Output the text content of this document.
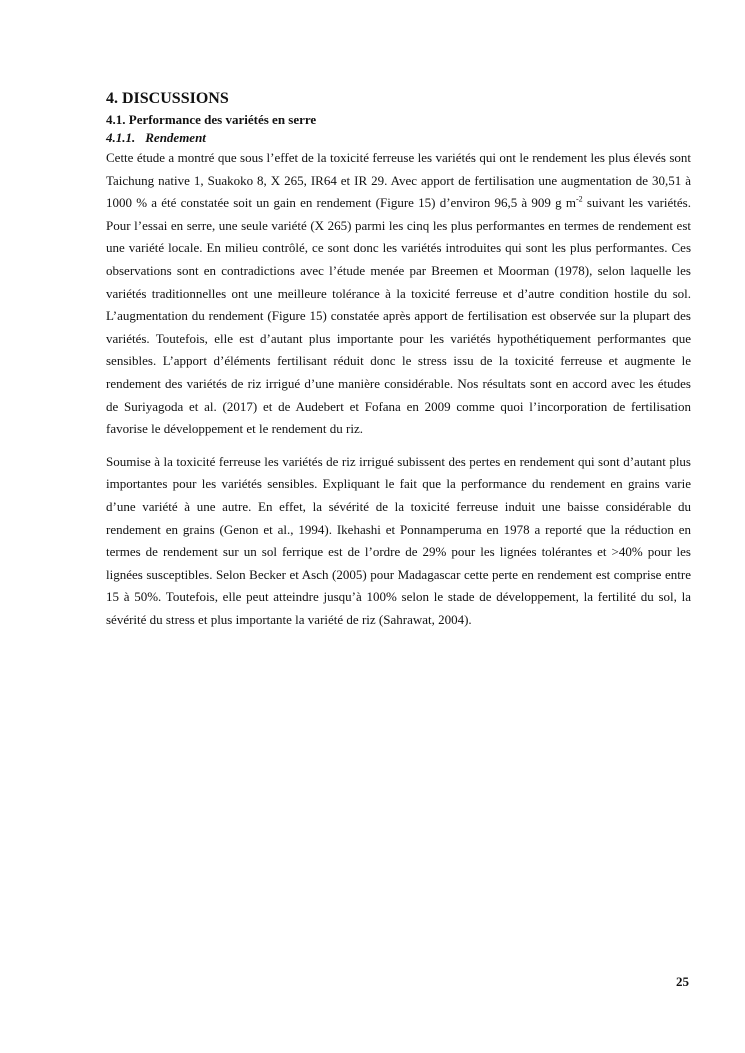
4. DISCUSSIONS
4.1. Performance des variétés en serre
4.1.1. Rendement

Cette étude a montré que sous l’effet de la toxicité ferreuse les variétés qui ont le rendement les plus élevés sont Taichung native 1, Suakoko 8, X 265, IR64 et IR 29. Avec apport de fertilisation une augmentation de 30,51 à 1000 % a été constatée soit un gain en rendement (Figure 15) d’environ 96,5 à 909 g $m^{-2}$ suivant les variétés. Pour l’essai en serre, une seule variété (X 265) parmi les cinq les plus performantes en termes de rendement est une variété locale. En milieu contrôlé, ce sont donc les variétés introduites qui sont les plus performantes. Ces observations sont en contradictions avec l’étude menée par Breemen et Moorman (1978), selon laquelle les variétés traditionnelles ont une meilleure tolérance à la toxicité ferreuse et d’autre condition hostile du sol. L’augmentation du rendement (Figure 15) constatée après apport de fertilisation est observée sur la plupart des variétés. Toutefois, elle est d’autant plus importante pour les variétés hypothétiquement performantes que sensibles. L’apport d’éléments fertilisant réduit donc le stress issu de la toxicité ferreuse et augmente le rendement des variétés de riz irrigué d’une manière considérable. Nos résultats sont en accord avec les études de Suriyagoda et al. (2017) et de Audebert et Fofana en 2009 comme quoi l’incorporation de fertilisation favorise le développement et le rendement du riz.

Soumise à la toxicité ferreuse les variétés de riz irrigué subissent des pertes en rendement qui sont d’autant plus importantes pour les variétés sensibles. Expliquant le fait que la performance du rendement en grains varie d’une variété à une autre. En effet, la sévérité de la toxicité ferreuse induit une baisse considérable du rendement en grains (Genon et al., 1994). Ikehashi et Ponnamperuma en 1978 a reporté que la réduction en termes de rendement sur un sol ferrique est de l’ordre de 29% pour les lignées tolérantes et >40% pour les lignées susceptibles. Selon Becker et Asch (2005) pour Madagascar cette perte en rendement est comprise entre 15 à 50%. Toutefois, elle peut atteindre jusqu’à 100% selon le stade de développement, la fertilité du sol, la sévérité du stress et plus importante la variété de riz (Sahrawat, 2004).

25
